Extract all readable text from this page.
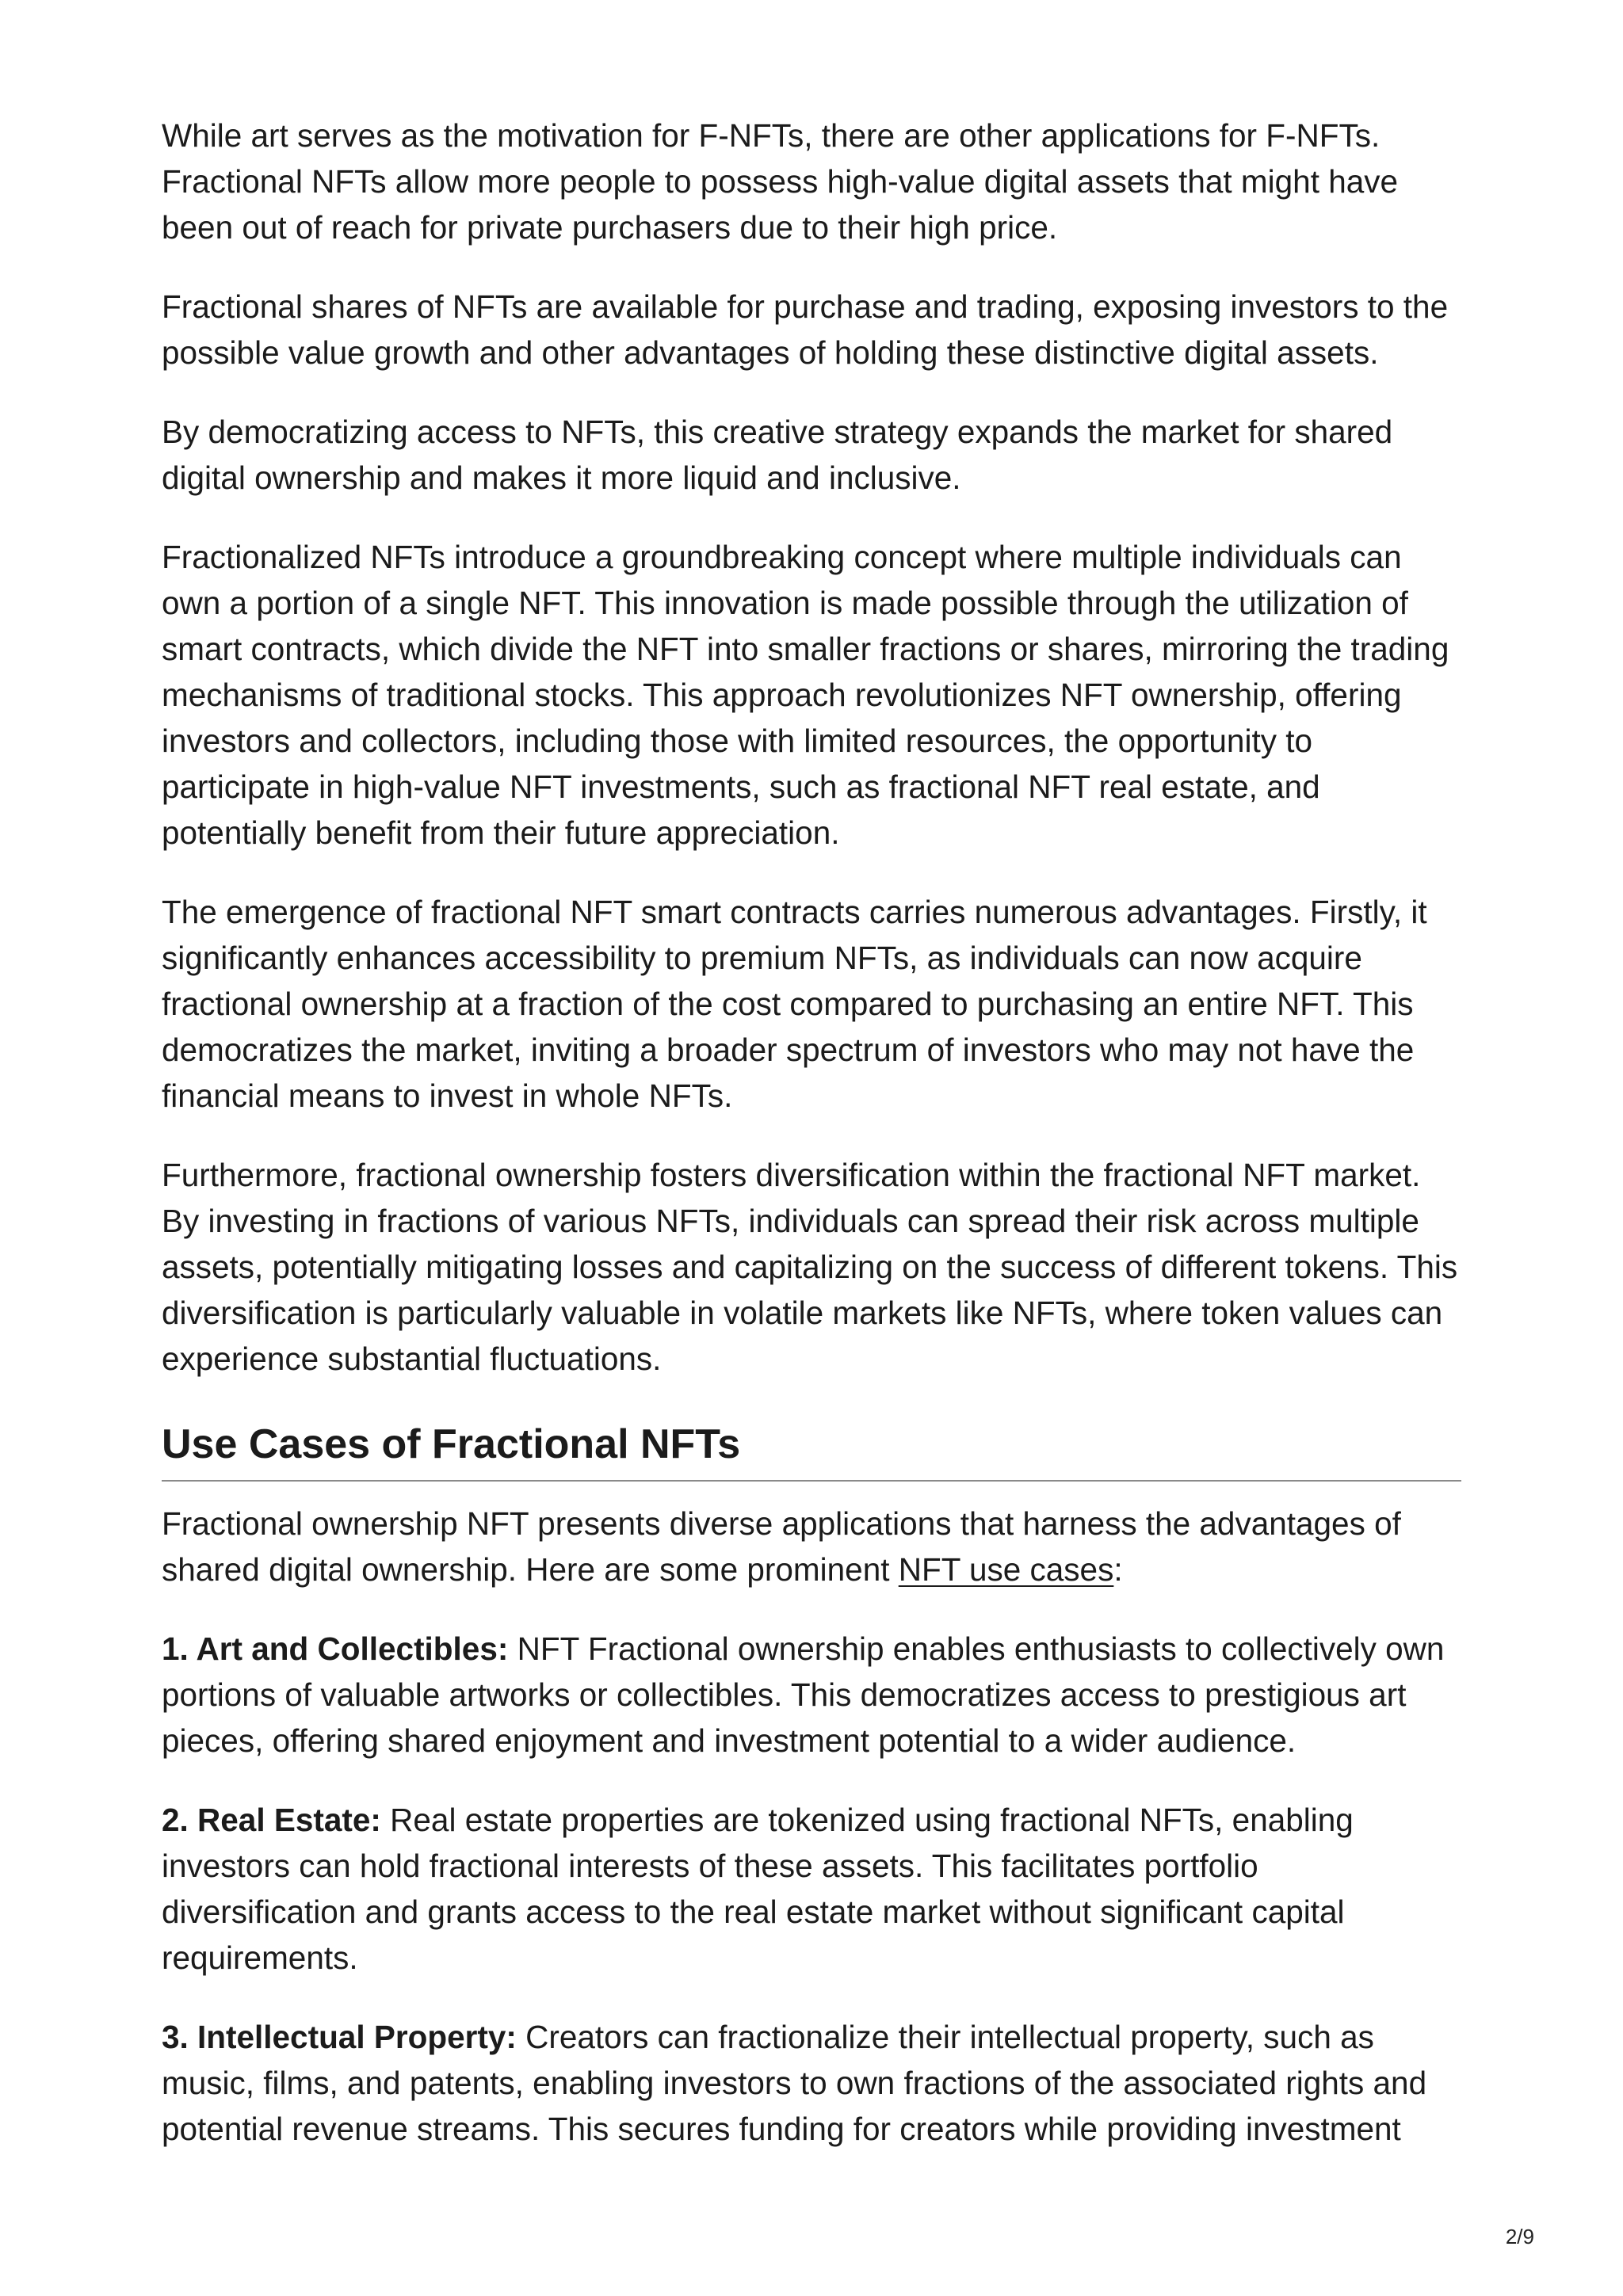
While art serves as the motivation for F-NFTs, there are other applications for F-NFTs. Fractional NFTs allow more people to possess high-value digital assets that might have been out of reach for private purchasers due to their high price.

Fractional shares of NFTs are available for purchase and trading, exposing investors to the possible value growth and other advantages of holding these distinctive digital assets.

By democratizing access to NFTs, this creative strategy expands the market for shared digital ownership and makes it more liquid and inclusive.

Fractionalized NFTs introduce a groundbreaking concept where multiple individuals can own a portion of a single NFT. This innovation is made possible through the utilization of smart contracts, which divide the NFT into smaller fractions or shares, mirroring the trading mechanisms of traditional stocks. This approach revolutionizes NFT ownership, offering investors and collectors, including those with limited resources, the opportunity to participate in high-value NFT investments, such as fractional NFT real estate, and potentially benefit from their future appreciation.

The emergence of fractional NFT smart contracts carries numerous advantages. Firstly, it significantly enhances accessibility to premium NFTs, as individuals can now acquire fractional ownership at a fraction of the cost compared to purchasing an entire NFT. This democratizes the market, inviting a broader spectrum of investors who may not have the financial means to invest in whole NFTs.

Furthermore, fractional ownership fosters diversification within the fractional NFT market. By investing in fractions of various NFTs, individuals can spread their risk across multiple assets, potentially mitigating losses and capitalizing on the success of different tokens. This diversification is particularly valuable in volatile markets like NFTs, where token values can experience substantial fluctuations.

Use Cases of Fractional NFTs

Fractional ownership NFT presents diverse applications that harness the advantages of shared digital ownership. Here are some prominent NFT use cases:

1. Art and Collectibles: NFT Fractional ownership enables enthusiasts to collectively own portions of valuable artworks or collectibles. This democratizes access to prestigious art pieces, offering shared enjoyment and investment potential to a wider audience.

2. Real Estate: Real estate properties are tokenized using fractional NFTs, enabling investors can hold fractional interests of these assets. This facilitates portfolio diversification and grants access to the real estate market without significant capital requirements.

3. Intellectual Property: Creators can fractionalize their intellectual property, such as music, films, and patents, enabling investors to own fractions of the associated rights and potential revenue streams. This secures funding for creators while providing investment

2/9
